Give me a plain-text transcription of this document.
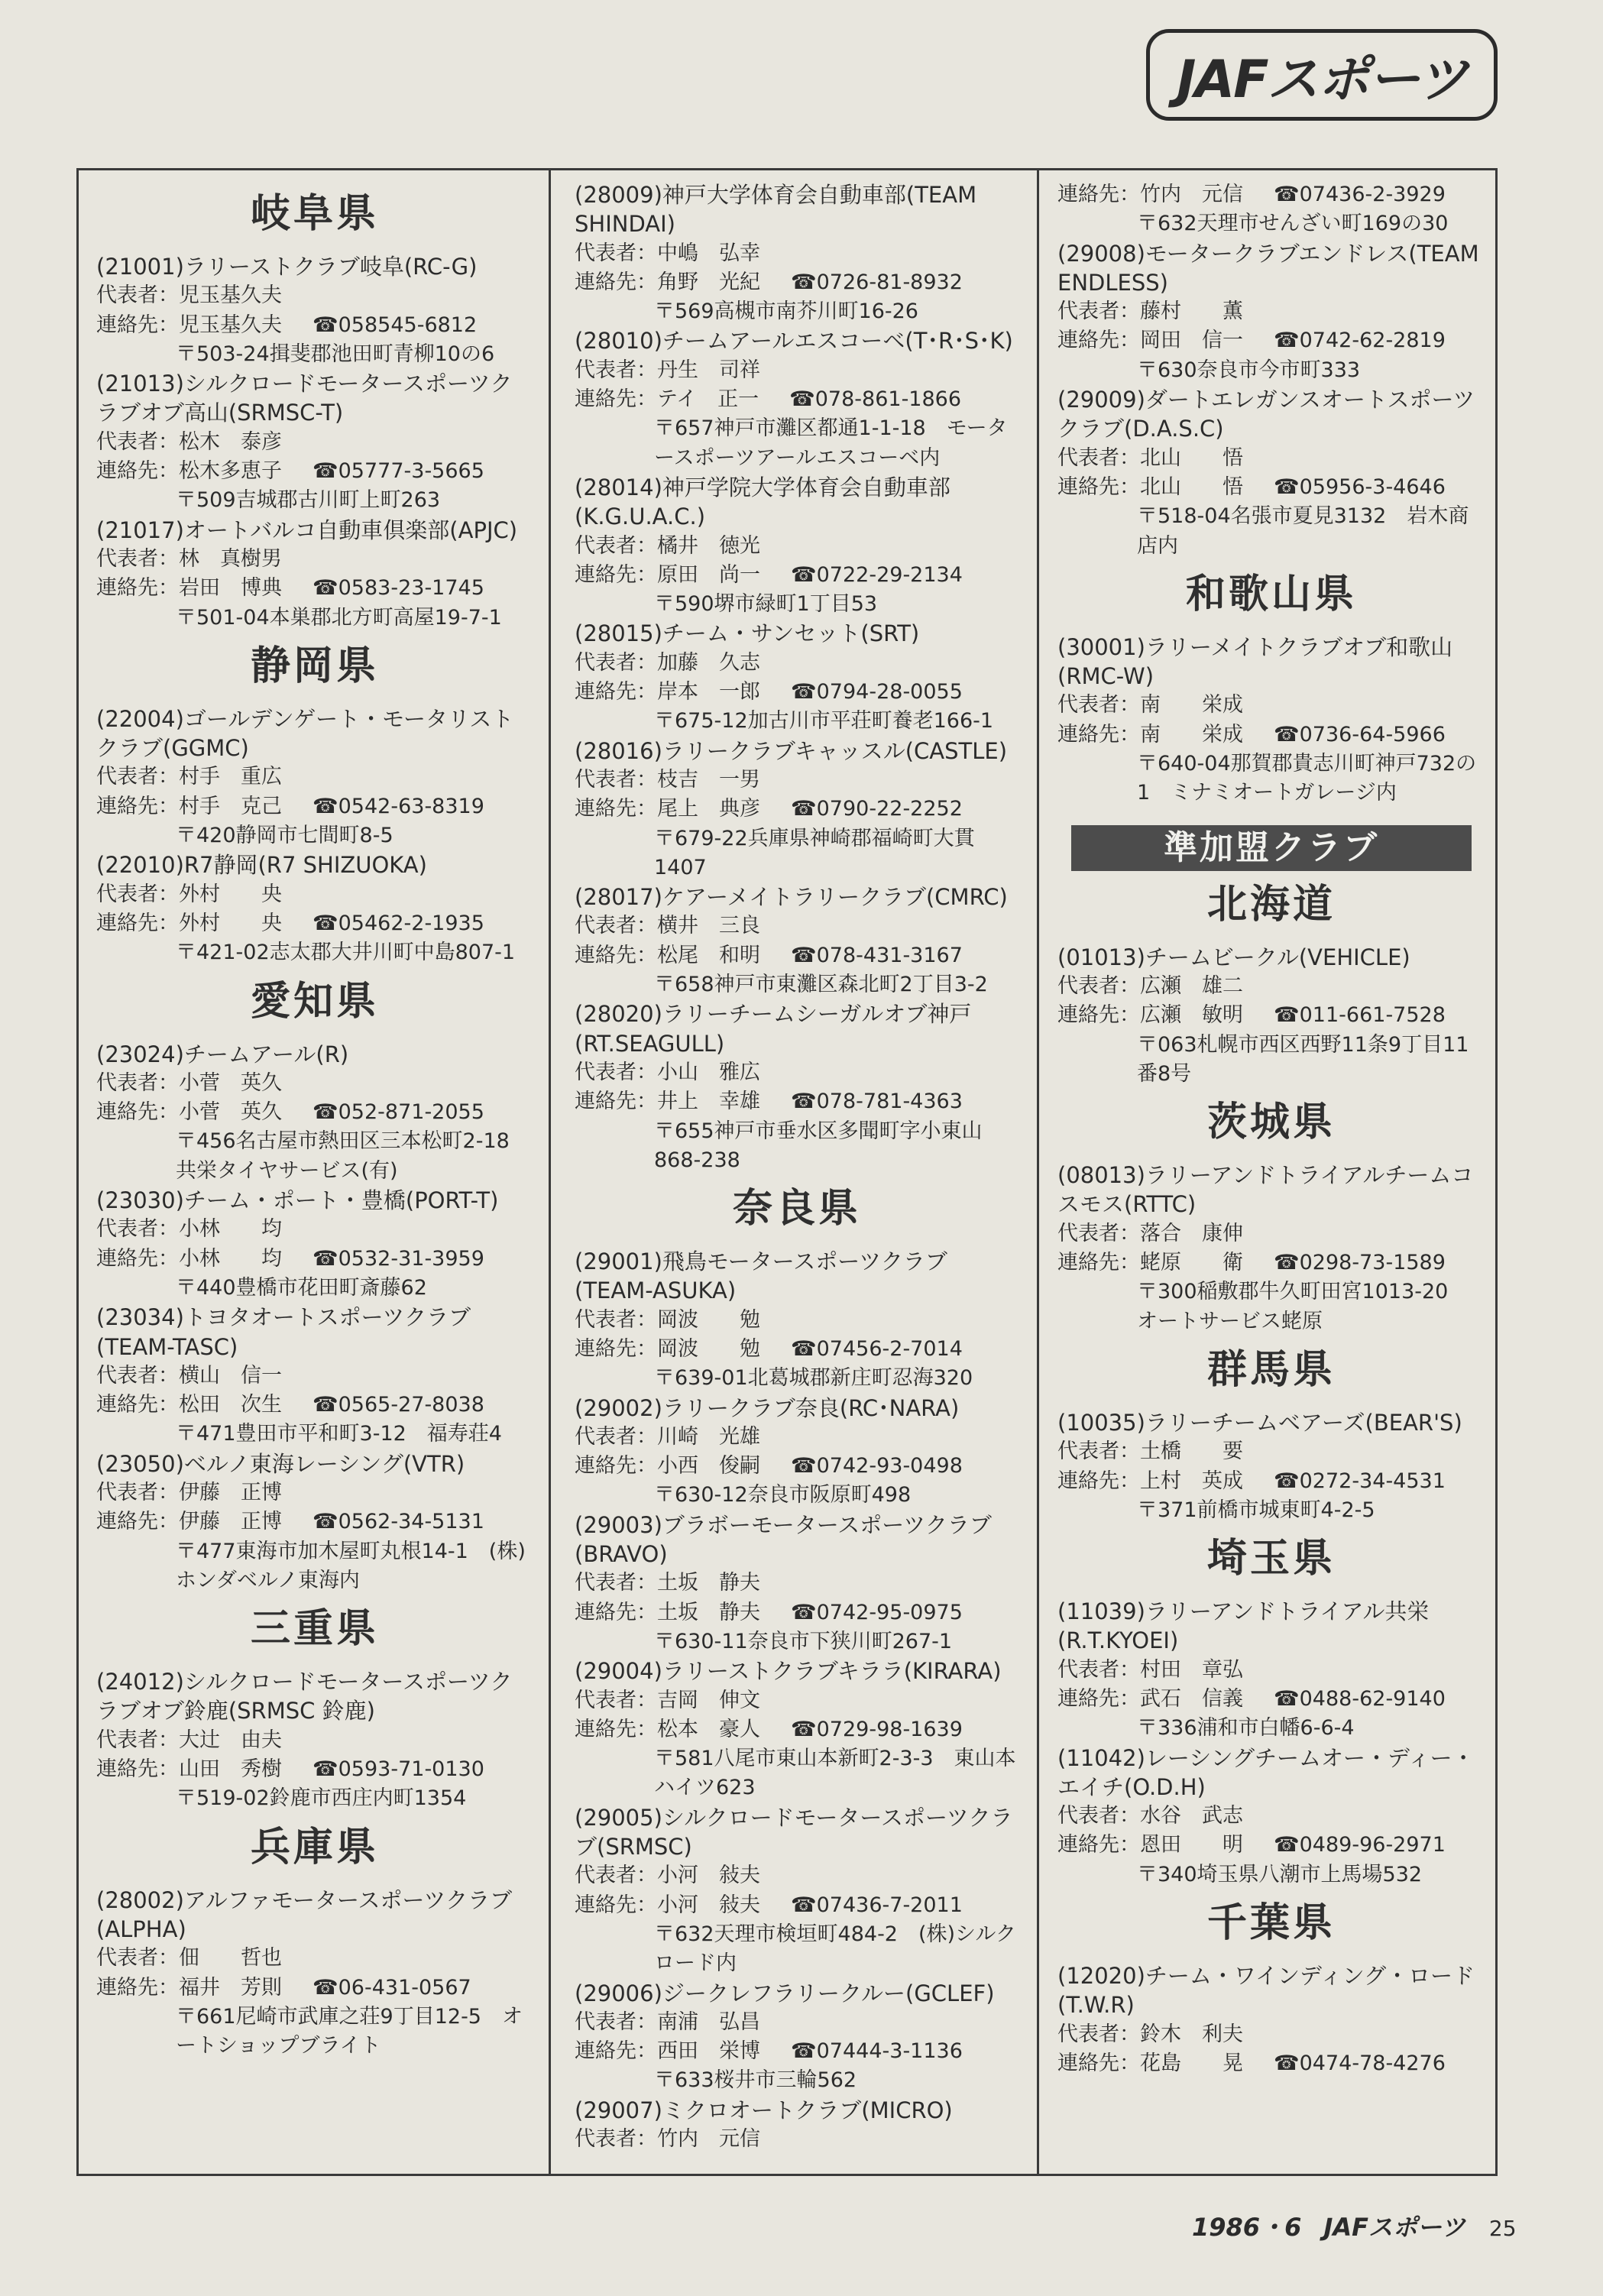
JAFスポーツ
岐阜県
(21001)ラリーストクラブ岐阜(RC-G)
代表者：児玉基久夫
連絡先：児玉基久夫 ☎058545-6812
〒503-24揖斐郡池田町青柳10の6
(21013)シルクロードモータースポーツクラブオブ高山(SRMSC-T)
代表者：松木　泰彦
連絡先：松木多恵子 ☎05777-3-5665
〒509吉城郡古川町上町263
(21017)オートバルコ自動車倶楽部(APJC)
代表者：林　真樹男
連絡先：岩田　博典 ☎0583-23-1745
〒501-04本巣郡北方町高屋19-7-1
静岡県
(22004)ゴールデンゲート・モータリストクラブ(GGMC)
代表者：村手　重広
連絡先：村手　克己 ☎0542-63-8319
〒420静岡市七間町8-5
(22010)R7静岡(R7 SHIZUOKA)
代表者：外村　　央
連絡先：外村　　央 ☎05462-2-1935
〒421-02志太郡大井川町中島807-1
愛知県
(23024)チームアール(R)
代表者：小菅　英久
連絡先：小菅　英久 ☎052-871-2055
〒456名古屋市熱田区三本松町2-18　共栄タイヤサービス(有)
(23030)チーム・ポート・豊橋(PORT-T)
代表者：小林　　均
連絡先：小林　　均 ☎0532-31-3959
〒440豊橋市花田町斎藤62
(23034)トヨタオートスポーツクラブ(TEAM-TASC)
代表者：横山　信一
連絡先：松田　次生 ☎0565-27-8038
〒471豊田市平和町3-12　福寿荘4
(23050)ベルノ東海レーシング(VTR)
代表者：伊藤　正博
連絡先：伊藤　正博 ☎0562-34-5131
〒477東海市加木屋町丸根14-1　(株)ホンダベルノ東海内
三重県
(24012)シルクロードモータースポーツクラブオブ鈴鹿(SRMSC 鈴鹿)
代表者：大辻　由夫
連絡先：山田　秀樹 ☎0593-71-0130
〒519-02鈴鹿市西庄内町1354
兵庫県
(28002)アルファモータースポーツクラブ(ALPHA)
代表者：佃　　哲也
連絡先：福井　芳則 ☎06-431-0567
〒661尼崎市武庫之荘9丁目12-5　オートショップブライト
(28009)神戸大学体育会自動車部(TEAM SHINDAI)
代表者：中嶋　弘幸
連絡先：角野　光紀 ☎0726-81-8932
〒569高槻市南芥川町16-26
(28010)チームアールエスコーベ(T･R･S･K)
代表者：丹生　司祥
連絡先：テイ　正一 ☎078-861-1866
〒657神戸市灘区都通1-1-18　モータースポーツアールエスコーベ内
(28014)神戸学院大学体育会自動車部(K.G.U.A.C.)
代表者：橘井　徳光
連絡先：原田　尚一 ☎0722-29-2134
〒590堺市緑町1丁目53
(28015)チーム・サンセット(SRT)
代表者：加藤　久志
連絡先：岸本　一郎 ☎0794-28-0055
〒675-12加古川市平荘町養老166-1
(28016)ラリークラブキャッスル(CASTLE)
代表者：枝吉　一男
連絡先：尾上　典彦 ☎0790-22-2252
〒679-22兵庫県神崎郡福崎町大貫1407
(28017)ケアーメイトラリークラブ(CMRC)
代表者：横井　三良
連絡先：松尾　和明 ☎078-431-3167
〒658神戸市東灘区森北町2丁目3-2
(28020)ラリーチームシーガルオブ神戸(RT.SEAGULL)
代表者：小山　雅広
連絡先：井上　幸雄 ☎078-781-4363
〒655神戸市垂水区多聞町字小東山868-238
奈良県
(29001)飛鳥モータースポーツクラブ(TEAM-ASUKA)
代表者：岡波　　勉
連絡先：岡波　　勉 ☎07456-2-7014
〒639-01北葛城郡新庄町忍海320
(29002)ラリークラブ奈良(RC･NARA)
代表者：川崎　光雄
連絡先：小西　俊嗣 ☎0742-93-0498
〒630-12奈良市阪原町498
(29003)ブラボーモータースポーツクラブ(BRAVO)
代表者：土坂　静夫
連絡先：土坂　静夫 ☎0742-95-0975
〒630-11奈良市下狭川町267-1
(29004)ラリーストクラブキララ(KIRARA)
代表者：吉岡　伸文
連絡先：松本　豪人 ☎0729-98-1639
〒581八尾市東山本新町2-3-3　東山本ハイツ623
(29005)シルクロードモータースポーツクラブ(SRMSC)
代表者：小河　敍夫
連絡先：小河　敍夫 ☎07436-7-2011
〒632天理市検垣町484-2　(株)シルクロード内
(29006)ジークレフラリークルー(GCLEF)
代表者：南浦　弘昌
連絡先：西田　栄博 ☎07444-3-1136
〒633桜井市三輪562
(29007)ミクロオートクラブ(MICRO)
代表者：竹内　元信
連絡先：竹内　元信 ☎07436-2-3929
〒632天理市せんざい町169の30
(29008)モータークラブエンドレス(TEAM ENDLESS)
代表者：藤村　　薫
連絡先：岡田　信一 ☎0742-62-2819
〒630奈良市今市町333
(29009)ダートエレガンスオートスポーツクラブ(D.A.S.C)
代表者：北山　　悟
連絡先：北山　　悟 ☎05956-3-4646
〒518-04名張市夏見3132　岩木商店内
和歌山県
(30001)ラリーメイトクラブオブ和歌山(RMC-W)
代表者：南　　栄成
連絡先：南　　栄成 ☎0736-64-5966
〒640-04那賀郡貴志川町神戸732の1　ミナミオートガレージ内
準加盟クラブ
北海道
(01013)チームビークル(VEHICLE)
代表者：広瀬　雄二
連絡先：広瀬　敏明 ☎011-661-7528
〒063札幌市西区西野11条9丁目11番8号
茨城県
(08013)ラリーアンドトライアルチームコスモス(RTTC)
代表者：落合　康伸
連絡先：蛯原　　衛 ☎0298-73-1589
〒300稲敷郡牛久町田宮1013-20　オートサービス蛯原
群馬県
(10035)ラリーチームベアーズ(BEAR'S)
代表者：土橋　　要
連絡先：上村　英成 ☎0272-34-4531
〒371前橋市城東町4-2-5
埼玉県
(11039)ラリーアンドトライアル共栄(R.T.KYOEI)
代表者：村田　章弘
連絡先：武石　信義 ☎0488-62-9140
〒336浦和市白幡6-6-4
(11042)レーシングチームオー・ディー・エイチ(O.D.H)
代表者：水谷　武志
連絡先：恩田　　明 ☎0489-96-2971
〒340埼玉県八潮市上馬場532
千葉県
(12020)チーム・ワインディング・ロード(T.W.R)
代表者：鈴木　利夫
連絡先：花島　　晃 ☎0474-78-4276
1986・6 JAFスポーツ 25
